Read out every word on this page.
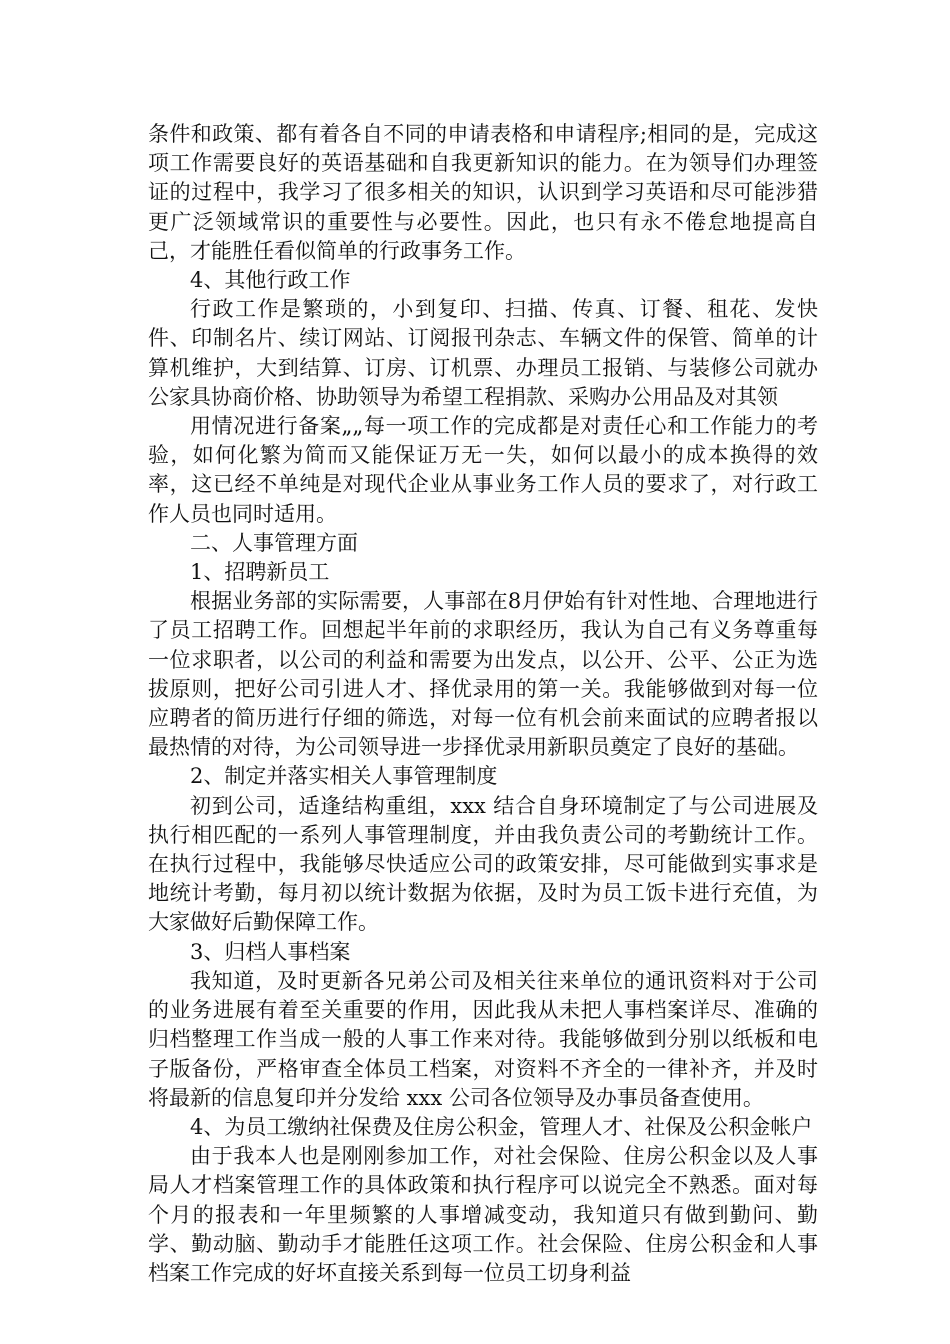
条件和政策、都有着各自不同的申请表格和申请程序;相同的是，完成这项工作需要良好的英语基础和自我更新知识的能力。在为领导们办理签证的过程中，我学习了很多相关的知识，认识到学习英语和尽可能涉猎更广泛领域常识的重要性与必要性。因此，也只有永不倦怠地提高自己，才能胜任看似简单的行政事务工作。

4、其他行政工作

行政工作是繁琐的，小到复印、扫描、传真、订餐、租花、发快件、印制名片、续订网站、订阅报刊杂志、车辆文件的保管、简单的计算机维护，大到结算、订房、订机票、办理员工报销、与装修公司就办公家具协商价格、协助领导为希望工程捐款、采购办公用品及对其领

用情况进行备案„„每一项工作的完成都是对责任心和工作能力的考验，如何化繁为简而又能保证万无一失，如何以最小的成本换得的效率，这已经不单纯是对现代企业从事业务工作人员的要求了，对行政工作人员也同时适用。

二、人事管理方面

1、招聘新员工

根据业务部的实际需要，人事部在8月伊始有针对性地、合理地进行了员工招聘工作。回想起半年前的求职经历，我认为自己有义务尊重每一位求职者，以公司的利益和需要为出发点，以公开、公平、公正为选拔原则，把好公司引进人才、择优录用的第一关。我能够做到对每一位应聘者的简历进行仔细的筛选，对每一位有机会前来面试的应聘者报以最热情的对待，为公司领导进一步择优录用新职员奠定了良好的基础。

2、制定并落实相关人事管理制度

初到公司，适逢结构重组，xxx 结合自身环境制定了与公司进展及执行相匹配的一系列人事管理制度，并由我负责公司的考勤统计工作。在执行过程中，我能够尽快适应公司的政策安排，尽可能做到实事求是地统计考勤，每月初以统计数据为依据，及时为员工饭卡进行充值，为大家做好后勤保障工作。

3、归档人事档案

我知道，及时更新各兄弟公司及相关往来单位的通讯资料对于公司的业务进展有着至关重要的作用，因此我从未把人事档案详尽、准确的归档整理工作当成一般的人事工作来对待。我能够做到分别以纸板和电子版备份，严格审查全体员工档案，对资料不齐全的一律补齐，并及时将最新的信息复印并分发给 xxx 公司各位领导及办事员备查使用。

4、为员工缴纳社保费及住房公积金，管理人才、社保及公积金帐户

由于我本人也是刚刚参加工作，对社会保险、住房公积金以及人事局人才档案管理工作的具体政策和执行程序可以说完全不熟悉。面对每个月的报表和一年里频繁的人事增减变动，我知道只有做到勤问、勤学、勤动脑、勤动手才能胜任这项工作。社会保险、住房公积金和人事档案工作完成的好坏直接关系到每一位员工切身利益
